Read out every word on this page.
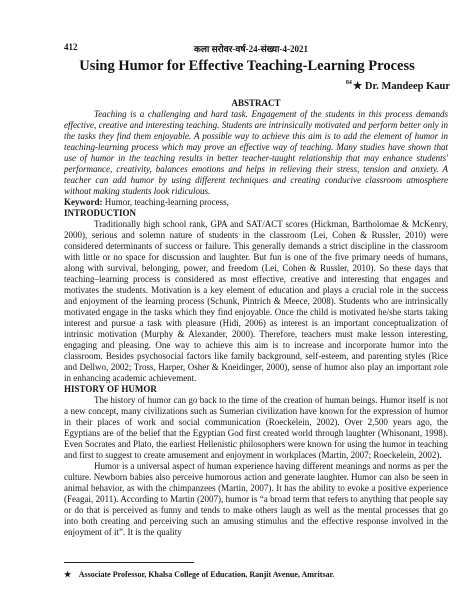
412	कला सरोवर-वर्ष-24-संख्या-4-2021
Using Humor for Effective Teaching-Learning Process
$^{84}$★ Dr. Mandeep Kaur

ABSTRACT

Teaching is a challenging and hard task. Engagement of the students in this process demands effective, creative and interesting teaching. Students are intrinsically motivated and perform better only in the tasks they find them enjoyable. A possible way to achieve this aim is to add the element of humor in teaching-learning process which may prove an effective way of teaching. Many studies have shown that use of humor in the teaching results in better teacher-taught relationship that may enhance students' performance, creativity, balances emotions and helps in relieving their stress, tension and anxiety. A teacher can add humor by using different techniques and creating conducive classroom atmosphere without making students look ridiculous.

Keyword: Humor, teaching-learning process,

INTRODUCTION

Traditionally high school rank, GPA and SAT/ACT scores (Hickman, Bartholomae & McKenry, 2000), serious and solemn nature of students in the classroom (Lei, Cohen & Russler, 2010) were considered determinants of success or failure. This generally demands a strict discipline in the classroom with little or no space for discussion and laughter. But fun is one of the five primary needs of humans, along with survival, belonging, power, and freedom (Lei, Cohen & Russler, 2010). So these days that teaching–learning process is considered as most effective, creative and interesting that engages and motivates the students. Motivation is a key element of education and plays a crucial role in the success and enjoyment of the learning process (Schunk, Pintrich & Meece, 2008). Students who are intrinsically motivated engage in the tasks which they find enjoyable. Once the child is motivated he/she starts taking interest and pursue a task with pleasure (Hidi, 2006) as interest is an important conceptualization of intrinsic motivation (Murphy & Alexander, 2000). Therefore, teachers must make lesson interesting, engaging and pleasing. One way to achieve this aim is to increase and incorporate humor into the classroom. Besides psychosocial factors like family background, self-esteem, and parenting styles (Rice and Dellwo, 2002; Tross, Harper, Osher & Kneidinger, 2000), sense of humor also play an important role in enhancing academic achievement.

HISTORY OF HUMOR

The history of humor can go back to the time of the creation of human beings. Humor itself is not a new concept, many civilizations such as Sumerian civilization have known for the expression of humor in their places of work and social communication (Roeckelein, 2002). Over 2,500 years ago, the Egyptians are of the belief that the Egyptian God first created world through laughter (Whisonant, 1998). Even Socrates and Plato, the earliest Hellenistic philosophers were known for using the humor in teaching and first to suggest to create amusement and enjoyment in workplaces (Martin, 2007; Roeckelein, 2002).

Humor is a universal aspect of human experience having different meanings and norms as per the culture. Newborn babies also perceive humorous action and generate laughter. Humor can also be seen in animal behavior, as with the chimpanzees (Martin, 2007). It has the ability to evoke a positive experience (Feagai, 2011). According to Martin (2007), humor is “a broad term that refers to anything that people say or do that is perceived as funny and tends to make others laugh as well as the mental processes that go into both creating and perceiving such an amusing stimulus and the effective response involved in the enjoyment of it”. It is the quality

★ Associate Professor, Khalsa College of Education, Ranjit Avenue, Amritsar.
